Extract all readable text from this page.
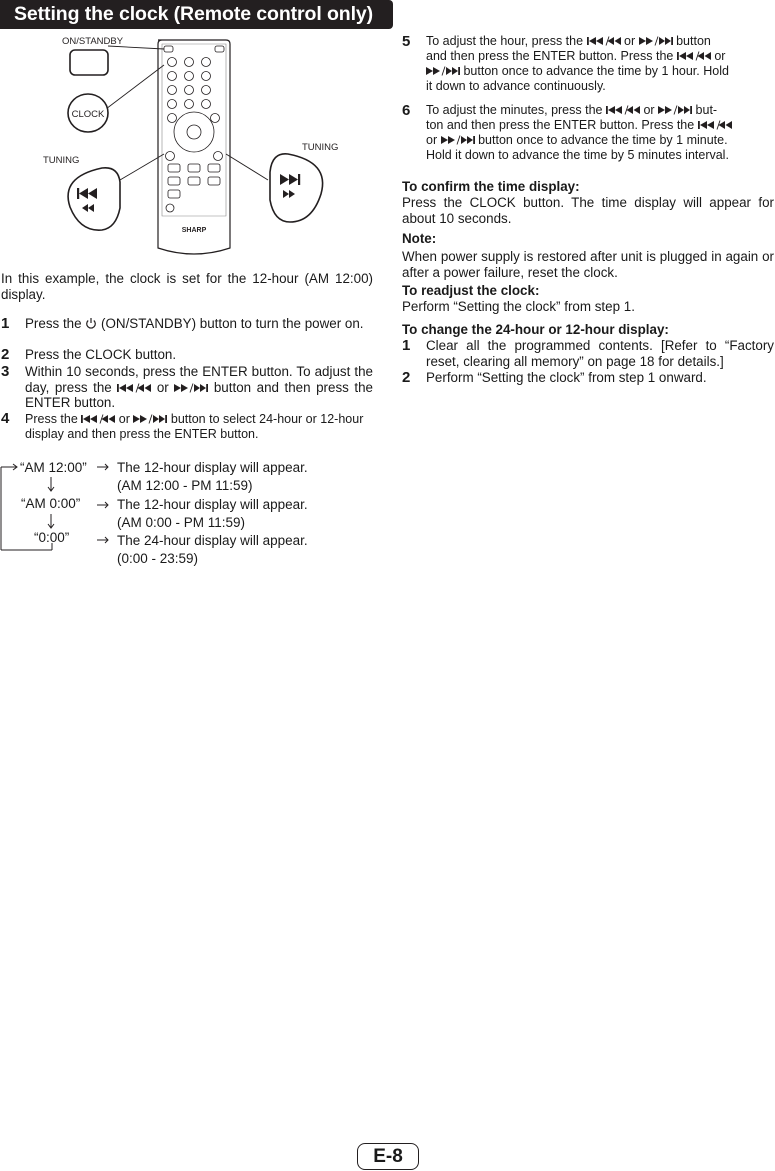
Setting the clock (Remote control only)
SHARP
ON/STANDBY
CLOCK
TUNING
TUNING
In this example, the clock is set for the 12-hour (AM 12:00) display.
1 Press the (ON/STANDBY) button to turn the power on.
2 Press the CLOCK button.
3 Within 10 seconds, press the ENTER button. To adjust the day, press the	or	button and then press the ENTER button.
4 Press the	or	button to select 24-hour or 12-hour display and then press the ENTER button.
“AM 12:00”
“AM 0:00”
“0:00”
The 12-hour display will appear.
(AM 12:00 - PM 11:59)
The 12-hour display will appear.
(AM 0:00 - PM 11:59)
The 24-hour display will appear.
(0:00 - 23:59)
5 To adjust the hour, press the	or	button
and then press the ENTER button. Press the	or
button once to advance the time by 1 hour. Hold
it down to advance continuously.
6 To adjust the minutes, press the	or	but-
ton and then press the ENTER button. Press the
or	button once to advance the time by 1 minute.
Hold it down to advance the time by 5 minutes interval.
To confirm the time display:
Press the CLOCK button. The time display will appear for about 10 seconds.
Note:
When power supply is restored after unit is plugged in again or after a power failure, reset the clock.
To readjust the clock:
Perform “Setting the clock” from step 1.
To change the 24-hour or 12-hour display:
1 Clear all the programmed contents. [Refer to “Factory reset, clearing all memory” on page 18 for details.]
2 Perform “Setting the clock” from step 1 onward.
E-8
